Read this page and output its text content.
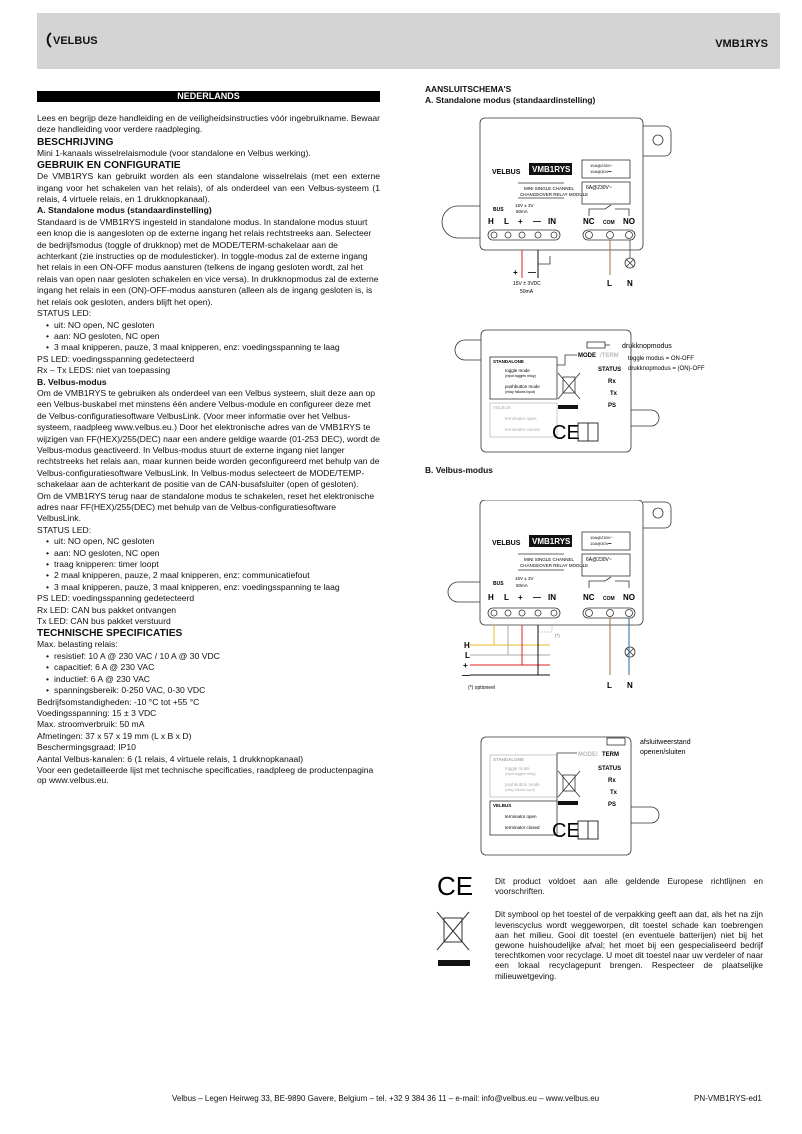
VELBUS	VMB1RYS
NEDERLANDS

Lees en begrijp deze handleiding en de veiligheidsinstructies vóór ingebruikname. Bewaar deze handleiding voor verdere raadpleging.

BESCHRIJVING

Mini 1-kanaals wisselrelaismodule (voor standalone en Velbus werking).

GEBRUIK EN CONFIGURATIE

De VMB1RYS kan gebruikt worden als een standalone wisselrelais (met een externe ingang voor het schakelen van het relais), of als onderdeel van een Velbus-systeem (1 relais, 4 virtuele relais, en 1 drukknopkanaal).

A. Standalone modus (standaardinstelling)

Standaard is de VMB1RYS ingesteld in standalone modus. In standalone modus stuurt een knop die is aangesloten op de externe ingang het relais rechtstreeks aan. Selecteer de bedrijfsmodus (toggle of drukknop) met de MODE/TERM-schakelaar aan de achterkant (zie instructies op de modulesticker). In toggle-modus zal de externe ingang het relais in een ON-OFF modus aansturen (telkens de ingang gesloten wordt, zal het relais van open naar gesloten schakelen en vice versa). In drukknopmodus zal de externe ingang het relais in een (ON)-OFF-modus aansturen (alleen als de ingang gesloten is, is het relais ook gesloten, anders blijft het open).

STATUS LED:

• uit: NO open, NC gesloten
• aan: NO gesloten, NC open
• 3 maal knipperen, pauze, 3 maal knipperen, enz: voedingsspanning te laag

PS LED: voedingsspanning gedetecteerd

Rx – Tx LEDS: niet van toepassing

B. Velbus-modus

Om de VMB1RYS te gebruiken als onderdeel van een Velbus systeem, sluit deze aan op een Velbus-buskabel met minstens één andere Velbus-module en configureer deze met de Velbus-configuratiesoftware VelbusLink. (Voor meer informatie over het Velbus-systeem, raadpleeg www.velbus.eu.) Door het elektronische adres van de VMB1RYS te wijzigen van FF(HEX)/255(DEC) naar een andere geldige waarde (01-253 DEC), wordt de Velbus-modus geactiveerd. In Velbus-modus stuurt de externe ingang niet langer rechtstreeks het relais aan, maar kunnen beide worden geconfigureerd met behulp van de Velbus-configuratiesoftware VelbusLink. In Velbus-modus selecteert de MODE/TEMP-schakelaar aan de achterkant de positie van de CAN-busafsluiter (open of gesloten).

Om de VMB1RYS terug naar de standalone modus te schakelen, reset het elektronische adres naar FF(HEX)/255(DEC) met behulp van de Velbus-configuratiesoftware VelbusLink.

STATUS LED:

• uit: NO open, NC gesloten
• aan: NO gesloten, NC open
• traag knipperen: timer loopt
• 2 maal knipperen, pauze, 2 maal knipperen, enz: communicatiefout
• 3 maal knipperen, pauze, 3 maal knipperen, enz: voedingsspanning te laag

PS LED: voedingsspanning gedetecteerd

Rx LED: CAN bus pakket ontvangen

Tx LED: CAN bus pakket verstuurd

TECHNISCHE SPECIFICATIES

Max. belasting relais:

• resistief: 10 A @ 230 VAC / 10 A @ 30 VDC
• capacitief: 6 A @ 230 VAC
• inductief: 6 A @ 230 VAC
• spanningsbereik: 0-250 VAC, 0-30 VDC

Bedrijfsomstandigheden: -10 °C tot +55 °C

Voedingsspanning: 15 ± 3 VDC

Max. stroomverbruik: 50 mA

Afmetingen: 37 x 57 x 19 mm (L x B x D)

Beschermingsgraad: IP10

Aantal Velbus-kanalen: 6 (1 relais, 4 virtuele relais, 1 drukknopkanaal)

Voor een gedetailleerde lijst met technische specificaties, raadpleeg de productenpagina op www.velbus.eu.

AANSLUITSCHEMA'S
A. Standalone modus (standaardinstelling)
B. Velbus-modus
VELBUS VMB1RYS	10A@230V~
10A@30V⎓
6A@230V~
MINI SINGLE CHANNEL
CHANGEOVER RELAY MODULE
BUS
15V ± 3V
50mA
H L + — IN	NC COM NO
+ —
L N
15V ± 3VDC
50mA
STANDALONE
toggle mode
(input toggles relay)
pushbutton mode
(relay follows input)
VELBUS
terminator open
terminator closed
MODE /TERM
STATUS
Rx
Tx
PS
CE
drukknopmodus
toggle modus = ON-OFF
drukknopmodus = (ON)-OFF
VELBUS VMB1RYS	10A@230V~
10A@30V⎓
6A@230V~
MINI SINGLE CHANNEL
CHANGEOVER RELAY MODULE
BUS
15V ± 3V
50mA
H L + — IN	NC COM NO
H
L
+
—
L N
(*)
(*) optioneel
STANDALONE
toggle mode
(input toggles relay)
pushbutton mode
(relay follows input)
VELBUS
terminator open
terminator closed
MODE/ TERM
STATUS
Rx
Tx
PS
CE
afsluitweerstand
openen/sluiten
CE	Dit product voldoet aan alle geldende Europese richtlijnen en voorschriften.

Dit symbool op het toestel of de verpakking geeft aan dat, als het na zijn levenscyclus wordt weggeworpen, dit toestel schade kan toebrengen aan het milieu. Gooi dit toestel (en eventuele batterijen) niet bij het gewone huishoudelijke afval; het moet bij een gespecialiseerd bedrijf terechtkomen voor recyclage. U moet dit toestel naar uw verdeler of naar een lokaal recyclagepunt brengen. Respecteer de plaatselijke milieuwetgeving.

Velbus – Legen Heirweg 33, BE-9890 Gavere, Belgium – tel. +32 9 384 36 11 – e-mail: info@velbus.eu – www.velbus.eu	PN-VMB1RYS-ed1
